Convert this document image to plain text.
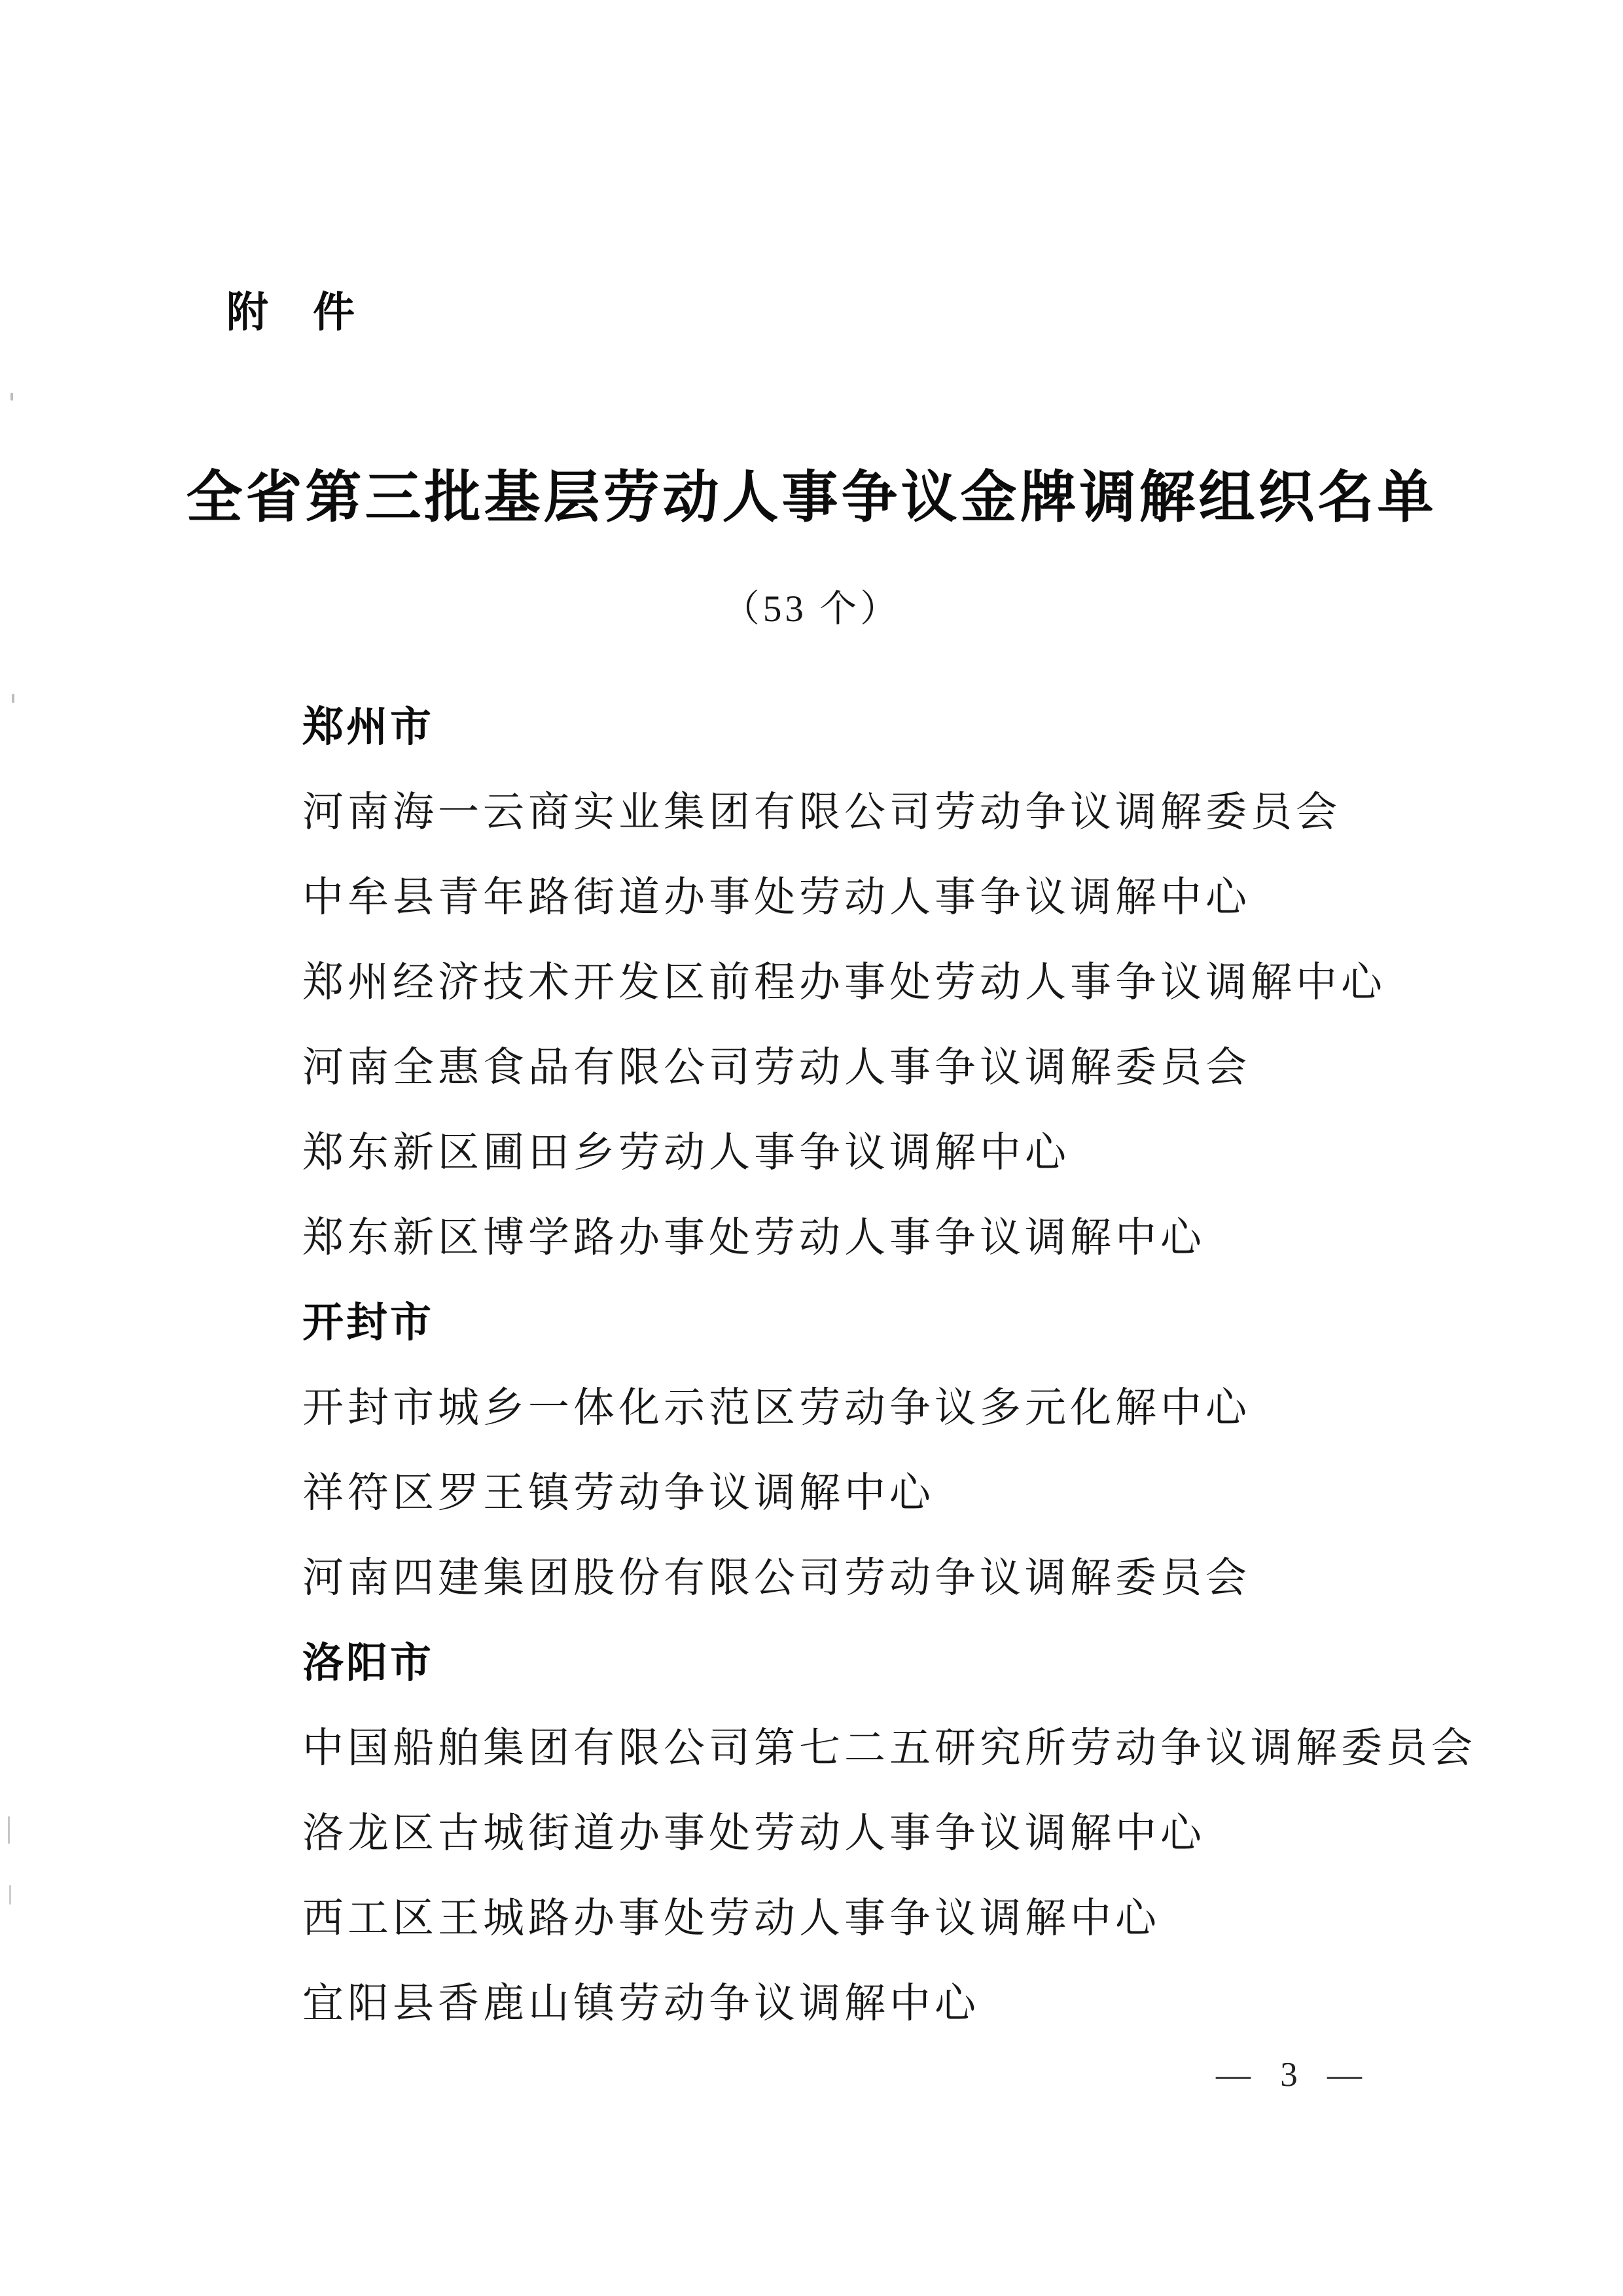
附　件
全省第三批基层劳动人事争议金牌调解组织名单
（53 个）
郑州市
河南海一云商实业集团有限公司劳动争议调解委员会
中牟县青年路街道办事处劳动人事争议调解中心
郑州经济技术开发区前程办事处劳动人事争议调解中心
河南全惠食品有限公司劳动人事争议调解委员会
郑东新区圃田乡劳动人事争议调解中心
郑东新区博学路办事处劳动人事争议调解中心
开封市
开封市城乡一体化示范区劳动争议多元化解中心
祥符区罗王镇劳动争议调解中心
河南四建集团股份有限公司劳动争议调解委员会
洛阳市
中国船舶集团有限公司第七二五研究所劳动争议调解委员会
洛龙区古城街道办事处劳动人事争议调解中心
西工区王城路办事处劳动人事争议调解中心
宜阳县香鹿山镇劳动争议调解中心
— 3 —
